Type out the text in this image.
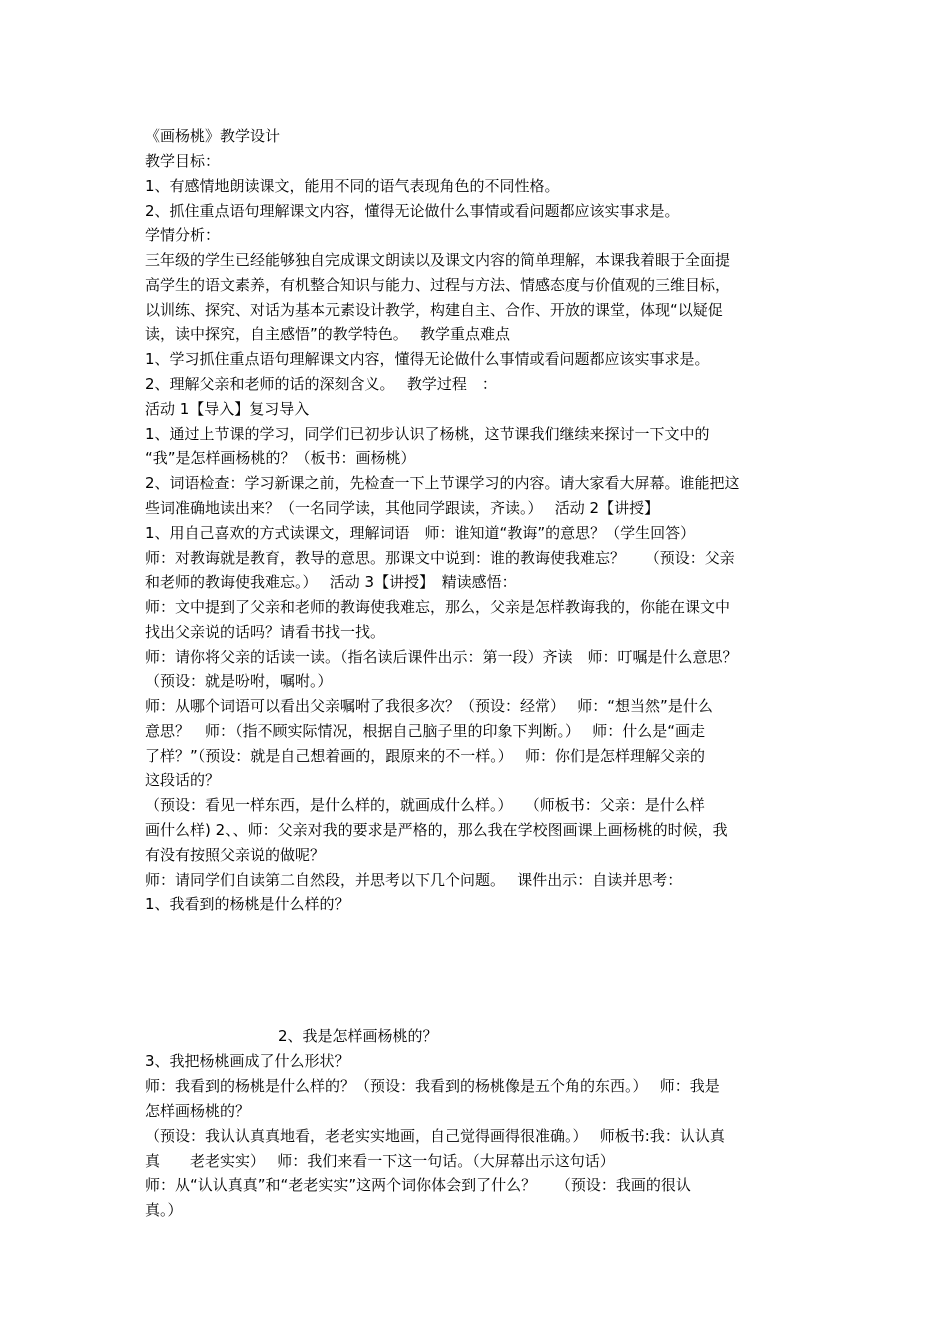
《画杨桃》教学设计
教学目标：
1、有感情地朗读课文，能用不同的语气表现角色的不同性格。
2、抓住重点语句理解课文内容，懂得无论做什么事情或看问题都应该实事求是。
学情分析：
三年级的学生已经能够独自完成课文朗读以及课文内容的简单理解，本课我着眼于全面提
高学生的语文素养，有机整合知识与能力、过程与方法、情感态度与价值观的三维目标，
以训练、探究、对话为基本元素设计教学，构建自主、合作、开放的课堂，体现“以疑促
读，读中探究，自主感悟”的教学特色。　 教学重点难点
1、学习抓住重点语句理解课文内容，懂得无论做什么事情或看问题都应该实事求是。
2、理解父亲和老师的话的深刻含义。　 教学过程　：
活动 1【导入】复习导入
1、通过上节课的学习，同学们已初步认识了杨桃，这节课我们继续来探讨一下文中的
“我”是怎样画杨桃的？（板书：画杨桃）
2、词语检查：学习新课之前，先检查一下上节课学习的内容。请大家看大屏幕。谁能把这
些词准确地读出来？（一名同学读，其他同学跟读，齐读。）　 活动 2【讲授】
1、用自己喜欢的方式读课文，理解词语　师：谁知道“教诲”的意思？（学生回答）
师：对教诲就是教育，教导的意思。那课文中说到：谁的教诲使我难忘？　 （预设：父亲
和老师的教诲使我难忘。）　 活动 3【讲授】　精读感悟：
师：文中提到了父亲和老师的教诲使我难忘，那么，父亲是怎样教诲我的，你能在课文中
找出父亲说的话吗？请看书找一找。
师：请你将父亲的话读一读。（指名读后课件出示：第一段）齐读　师：叮嘱是什么意思？
（预设：就是吩咐，嘱咐。）
师：从哪个词语可以看出父亲嘱咐了我很多次？（预设：经常）　 师：“想当然”是什么
意思？　师：（指不顾实际情况，根据自己脑子里的印象下判断。）　 师：什么是“画走
了样？”（预设：就是自己想着画的，跟原来的不一样。）　 师：你们是怎样理解父亲的
这段话的？
（预设：看见一样东西，是什么样的，就画成什么样。）　 （师板书：父亲：是什么样
画什么样) 2、、师：父亲对我的要求是严格的，那么我在学校图画课上画杨桃的时候，我
有没有按照父亲说的做呢？
师：请同学们自读第二自然段，并思考以下几个问题。　 课件出示：自读并思考：
1、我看到的杨桃是什么样的？
2、我是怎样画杨桃的？
3、我把杨桃画成了什么形状？
师：我看到的杨桃是什么样的？（预设：我看到的杨桃像是五个角的东西。）　 师：我是
怎样画杨桃的？
（预设：我认认真真地看，老老实实地画，自己觉得画得很准确。）　 师板书:我：认认真
真　　老老实实）　 师：我们来看一下这一句话。（大屏幕出示这句话）
师：从“认认真真”和“老老实实”这两个词你体会到了什么？　 （预设：我画的很认
真。）
